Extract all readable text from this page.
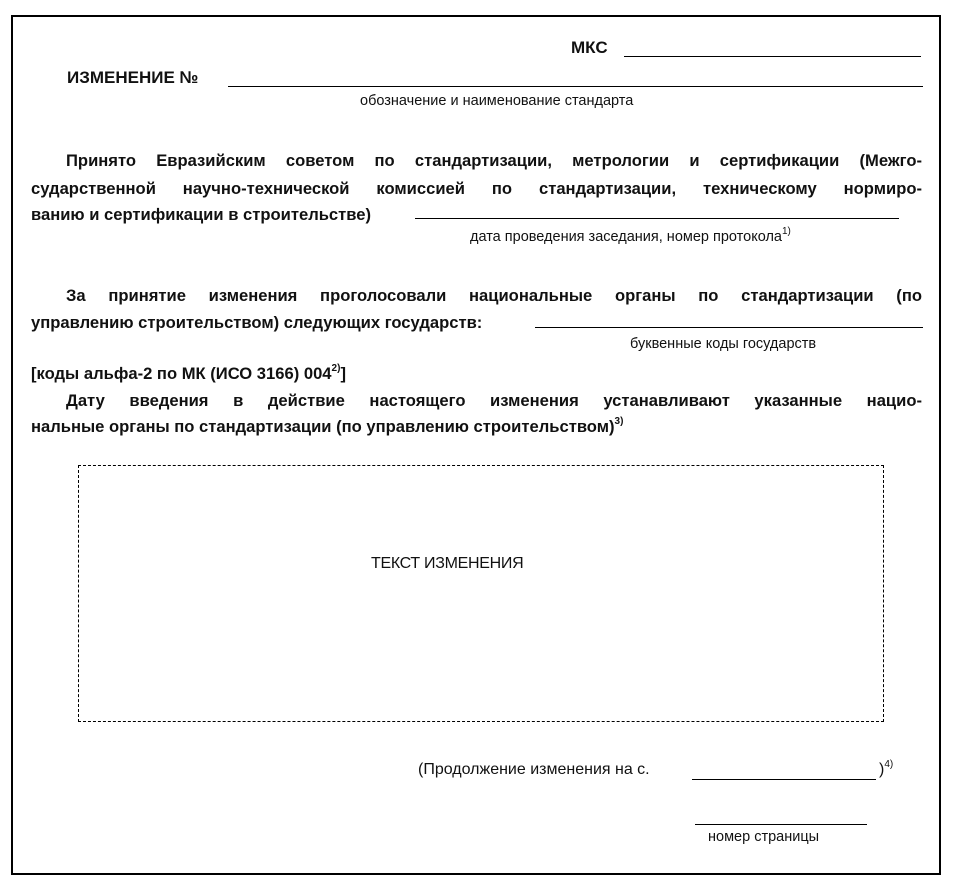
МКС
ИЗМЕНЕНИЕ №
обозначение и наименование стандарта
Принято Евразийским советом по стандартизации, метрологии и сертификации (Межго-
сударственной научно-технической комиссией по стандартизации, техническому нормиро-
ванию и сертификации в строительстве)
дата проведения заседания, номер протокола$^{1)}$
За принятие изменения проголосовали национальные органы по стандартизации (по
управлению строительством) следующих государств:
буквенные коды государств
[коды альфа-2 по МК (ИСО 3166) 004$^{2)}$]
Дату введения в действие настоящего изменения устанавливают указанные нацио-
нальные органы по стандартизации (по управлению строительством)$^{3)}$
ТЕКСТ ИЗМЕНЕНИЯ
(Продолжение изменения на с.	)$^{4)}$
номер страницы
